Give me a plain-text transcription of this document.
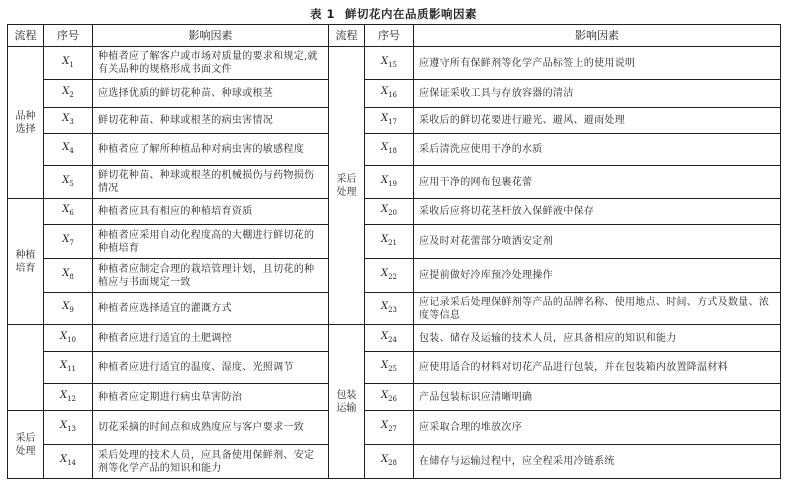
表 1 鲜切花内在品质影响因素
流程	序号	影响因素	流程	序号	影响因素
品种选择	$X_1$	种植者应了解客户或市场对质量的要求和规定,就有关品种的规格形成书面文件	采后处理	$X_{15}$	应遵守所有保鲜剂等化学产品标签上的使用说明
	$X_2$	应选择优质的鲜切花种苗、种球或根茎		$X_{16}$	应保证采收工具与存放容器的清洁
	$X_3$	鲜切花种苗、种球或根茎的病虫害情况		$X_{17}$	采收后的鲜切花要进行避光、避风、避雨处理
	$X_4$	种植者应了解所种植品种对病虫害的敏感程度		$X_{18}$	采后清洗应使用干净的水质
	$X_5$	鲜切花种苗、种球或根茎的机械损伤与药物损伤情况		$X_{19}$	应用干净的网布包裹花蕾
种植培育	$X_6$	种植者应具有相应的种植培育资质		$X_{20}$	采收后应将切花茎杆放入保鲜液中保存
	$X_7$	种植者应采用自动化程度高的大棚进行鲜切花的种植培育		$X_{21}$	应及时对花蕾部分喷洒安定剂
	$X_8$	种植者应制定合理的栽培管理计划，且切花的种植应与书面规定一致		$X_{22}$	应提前做好冷库预冷处理操作
	$X_9$	种植者应选择适宜的灌溉方式		$X_{23}$	应记录采后处理保鲜剂等产品的品牌名称、使用地点、时间、方式及数量、浓度等信息
	$X_{10}$	种植者应进行适宜的土肥调控	包装运输	$X_{24}$	包装、储存及运输的技术人员，应具备相应的知识和能力
	$X_{11}$	种植者应进行适宜的温度、湿度、光照调节		$X_{25}$	应使用适合的材料对切花产品进行包装，并在包装箱内放置降温材料
	$X_{12}$	种植者应定期进行病虫草害防治		$X_{26}$	产品包装标识应清晰明确
采后处理	$X_{13}$	切花采摘的时间点和成熟度应与客户要求一致		$X_{27}$	应采取合理的堆放次序
	$X_{14}$	采后处理的技术人员，应具备使用保鲜剂、安定剂等化学产品的知识和能力		$X_{28}$	在储存与运输过程中，应全程采用冷链系统
